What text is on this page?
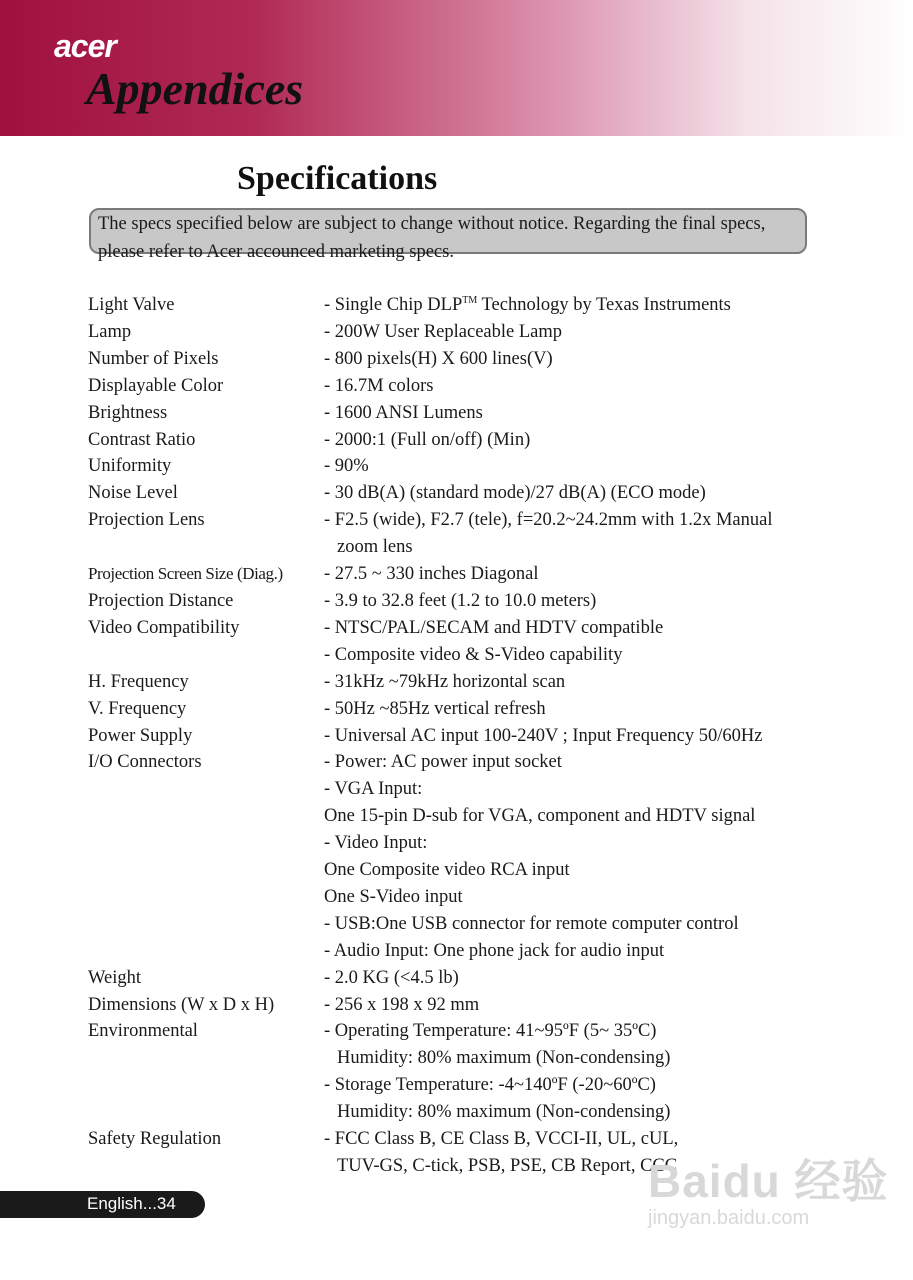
acer
Appendices
Specifications
The specs specified below are subject to change without notice. Regarding the final specs, please refer to Acer accounced marketing specs.
Light Valve	- Single Chip DLP™ Technology by Texas Instruments
Lamp	- 200W User Replaceable Lamp
Number of Pixels	- 800 pixels(H) X 600 lines(V)
Displayable Color	- 16.7M colors
Brightness	- 1600 ANSI Lumens
Contrast Ratio	- 2000:1 (Full on/off) (Min)
Uniformity	- 90%
Noise Level	- 30 dB(A) (standard mode)/27 dB(A) (ECO mode)
Projection Lens	- F2.5 (wide), F2.7 (tele), f=20.2~24.2mm with 1.2x Manual
zoom lens
Projection Screen Size (Diag.)	- 27.5 ~ 330 inches Diagonal
Projection Distance	- 3.9 to 32.8 feet (1.2 to 10.0 meters)
Video Compatibility	- NTSC/PAL/SECAM and HDTV compatible
- Composite video & S-Video capability
H. Frequency	- 31kHz ~79kHz horizontal scan
V. Frequency	- 50Hz ~85Hz vertical refresh
Power Supply	- Universal AC input 100-240V ; Input Frequency 50/60Hz
I/O Connectors	- Power: AC power input socket
- VGA Input:
One 15-pin D-sub for VGA, component and HDTV signal
- Video Input:
One Composite video RCA input
One S-Video input
- USB:One USB connector for remote computer control
- Audio Input: One phone jack for audio input
Weight	- 2.0 KG (<4.5 lb)
Dimensions (W x D x H)	- 256 x 198 x 92 mm
Environmental	- Operating Temperature: 41~95ºF (5~ 35ºC)
Humidity: 80% maximum (Non-condensing)
- Storage Temperature: -4~140ºF (-20~60ºC)
Humidity: 80% maximum (Non-condensing)
Safety Regulation	- FCC Class B, CE Class B, VCCI-II, UL, cUL,
TUV-GS, C-tick, PSB, PSE, CB Report, CCC
English...34	Baidu 经验
jingyan.baidu.com
